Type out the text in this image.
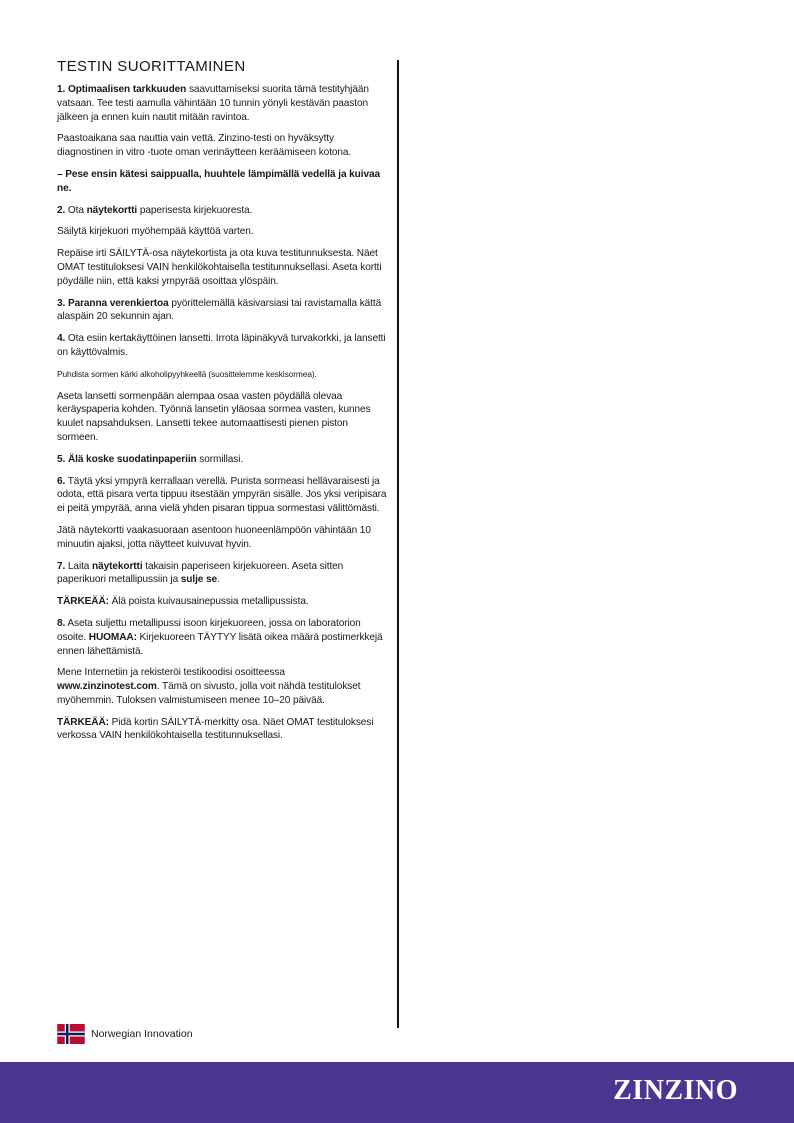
TESTIN SUORITTAMINEN

1. Optimaalisen tarkkuuden saavuttamiseksi suorita tämä testityhjään vatsaan. Tee testi aamulla vähintään 10 tunnin yönyli kestävän paaston jälkeen ja ennen kuin nautit mitään ravintoa.

Paastoaikana saa nauttia vain vettä. Zinzino-testi on hyväksytty diagnostinen in vitro -tuote oman verinäytteen keräämiseen kotona.

– Pese ensin kätesi saippualla, huuhtele lämpimällä vedellä ja kuivaa ne.

2. Ota näytekortti paperisesta kirjekuoresta.

Säilytä kirjekuori myöhempää käyttöä varten.

Repäise irti SÄILYTÄ-osa näytekortista ja ota kuva testitunnuksesta. Näet OMAT testituloksesi VAIN henkilökohtaisella testitunnuksellasi. Aseta kortti pöydälle niin, että kaksi ympyrää osoittaa ylöspäin.

3. Paranna verenkiertoa pyörittelemällä käsivarsiasi tai ravistamalla kättä alaspäin 20 sekunnin ajan.

4. Ota esiin kertakäyttöinen lansetti. Irrota läpinäkyvä turvakorkki, ja lansetti on käyttövalmis.

Puhdista sormen kärki alkoholipyyhkeellä (suosittelemme keskisormea).

Aseta lansetti sormenpään alempaa osaa vasten pöydällä olevaa keräyspaperia kohden. Työnnä lansetin yläosaa sormea vasten, kunnes kuulet napsahduksen. Lansetti tekee automaattisesti pienen piston sormeen.

5. Älä koske suodatinpaperiin sormillasi.

6. Täytä yksi ympyrä kerrallaan verellä. Purista sormeasi hellävaraisesti ja odota, että pisara verta tippuu itsestään ympyrän sisälle. Jos yksi veripisara ei peitä ympyrää, anna vielä yhden pisaran tippua sormestasi välittömästi.

Jätä näytekortti vaakasuoraan asentoon huoneenlämpöön vähintään 10 minuutin ajaksi, jotta näytteet kuivuvat hyvin.

7. Laita näytekortti takaisin paperiseen kirjekuoreen. Aseta sitten paperikuori metallipussiin ja sulje se.

TÄRKEÄÄ: Älä poista kuivausainepussia metallipussista.

8. Aseta suljettu metallipussi isoon kirjekuoreen, jossa on laboratorion osoite. HUOMAA: Kirjekuoreen TÄYTYY lisätä oikea määrä postimerkkejä ennen lähettämistä.

Mene Internetiin ja rekisteröi testikoodisi osoitteessa www.zinzinotest.com. Tämä on sivusto, jolla voit nähdä testitulokset myöhemmin. Tuloksen valmistumiseen menee 10–20 päivää.

TÄRKEÄÄ: Pidä kortin SÄILYTÄ-merkitty osa. Näet OMAT testituloksesi verkossa VAIN henkilökohtaisella testitunnuksellasi.

Norwegian Innovation
ZINZINO
